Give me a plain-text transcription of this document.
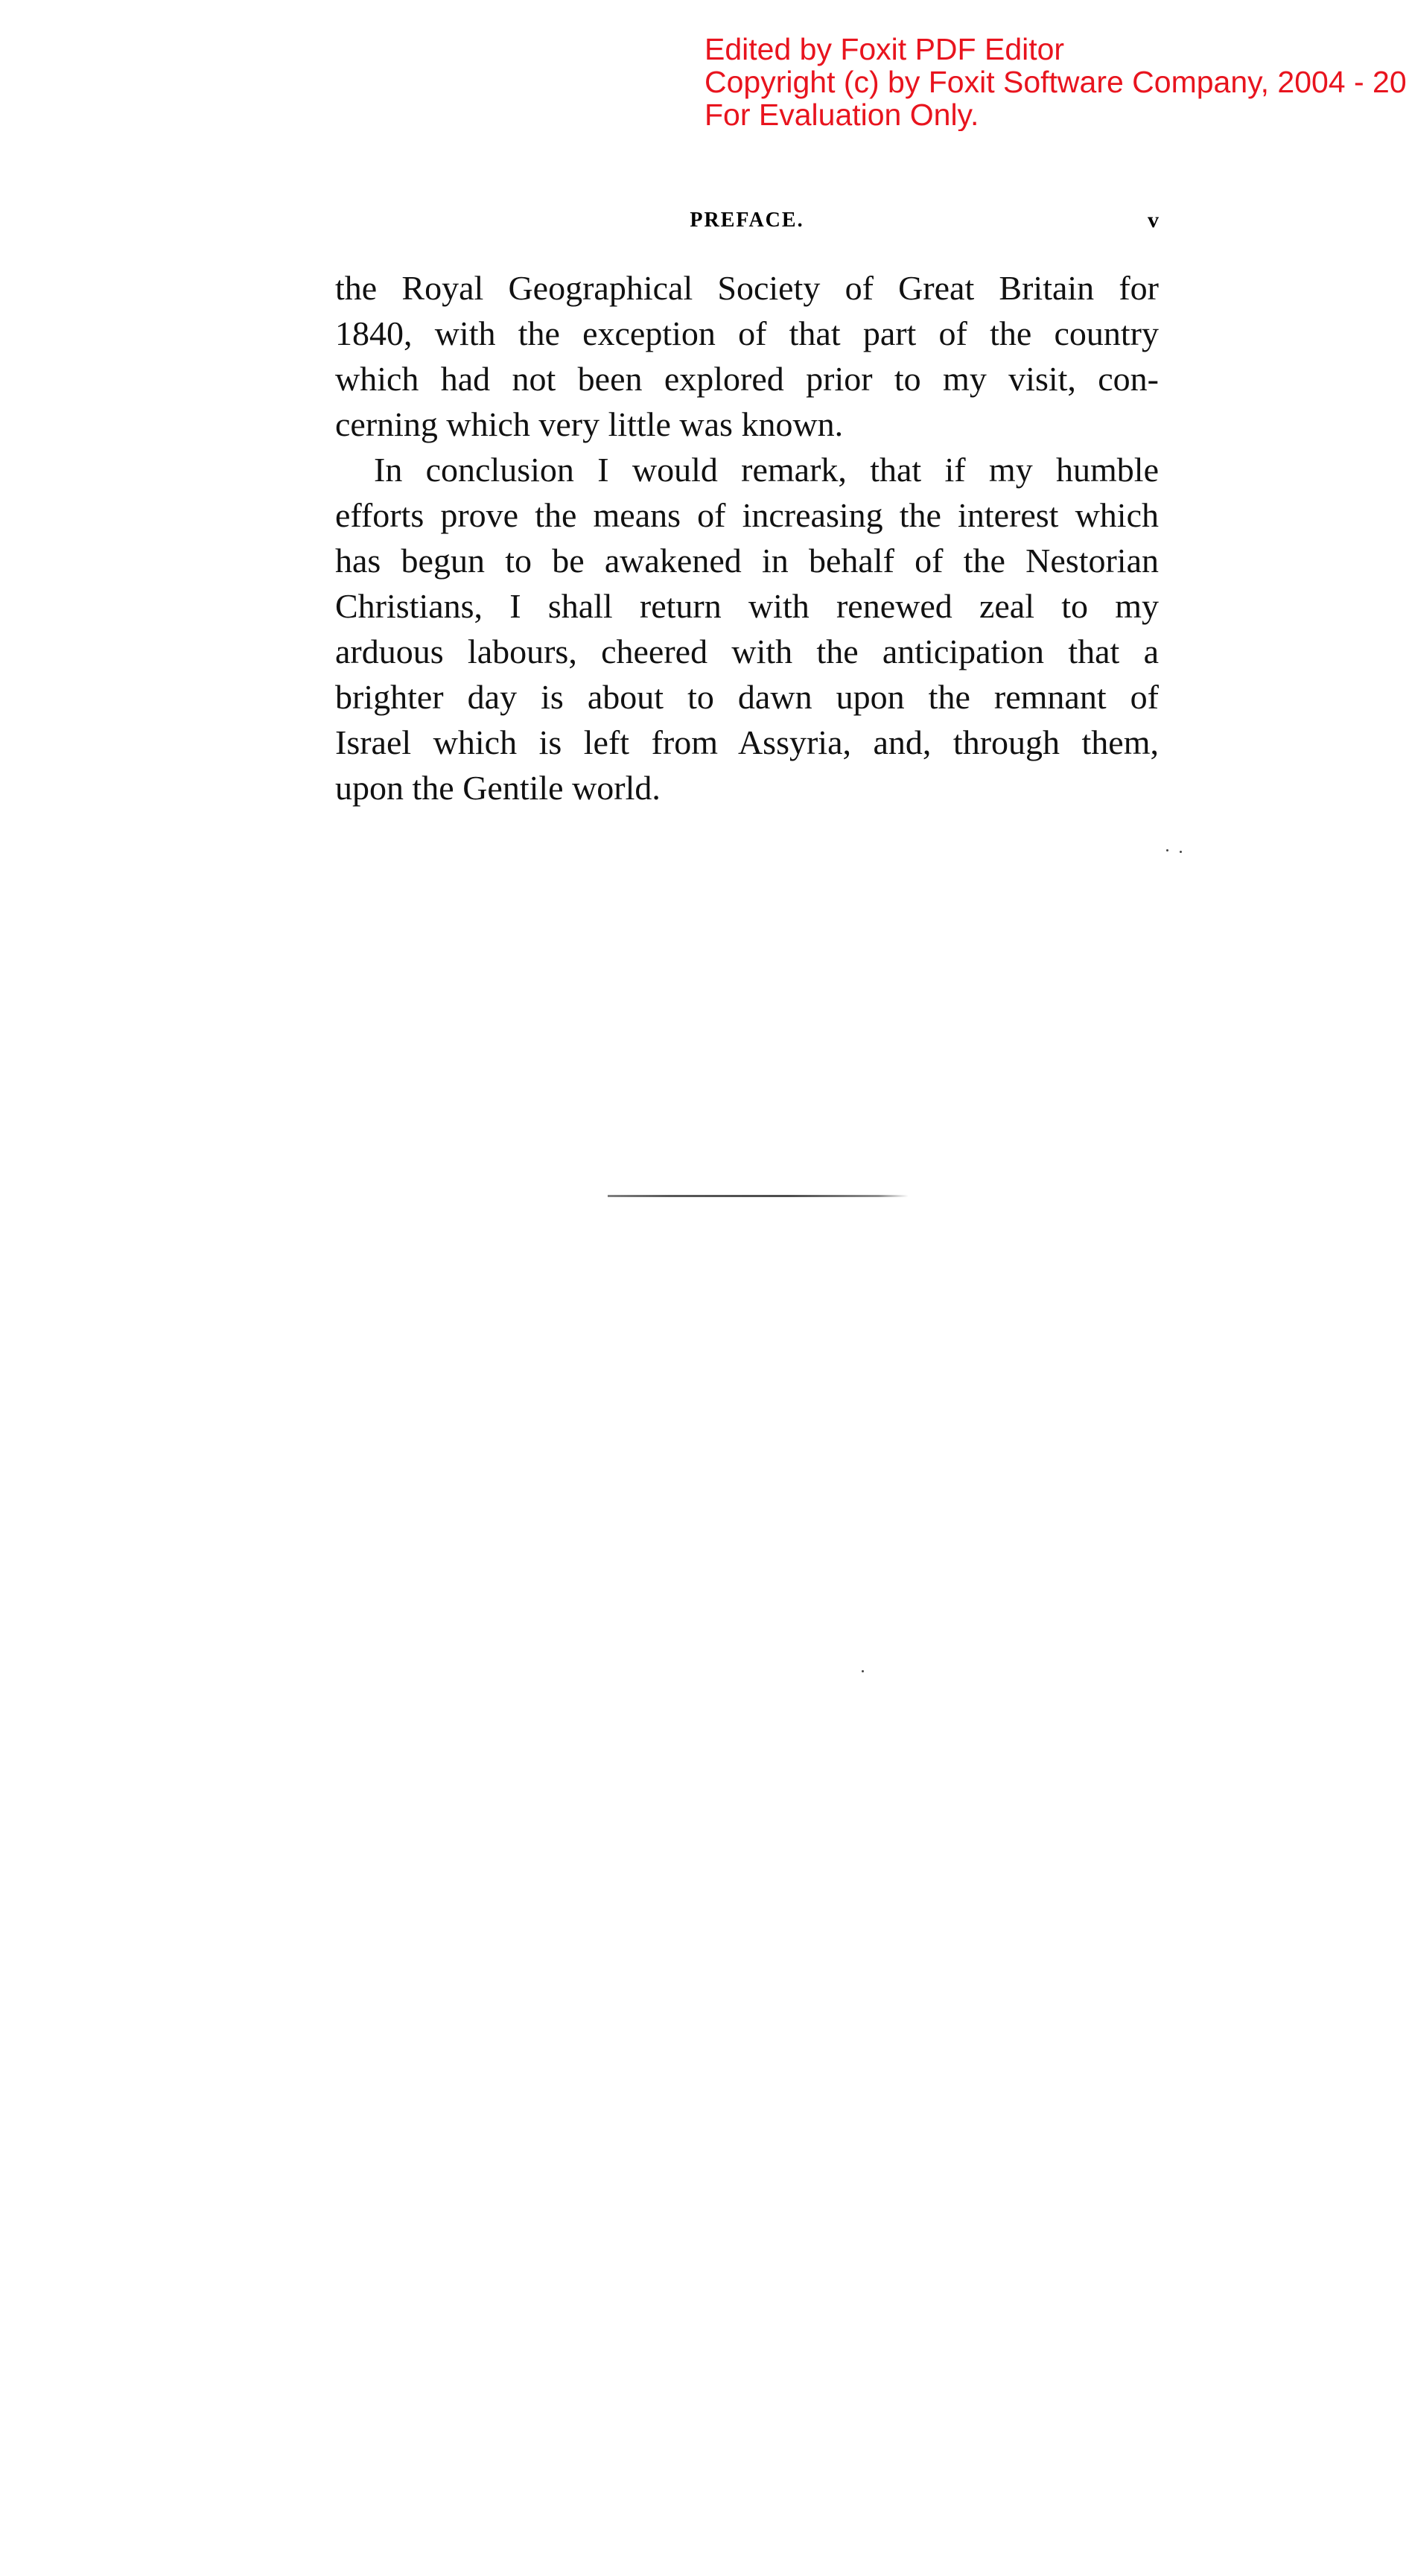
Edited by Foxit PDF Editor
Copyright (c) by Foxit Software Company, 2004 - 20
For Evaluation Only.
PREFACE.	v

the Royal Geographical Society of Great Britain for
1840, with the exception of that part of the country
which had not been explored prior to my visit, con-
cerning which very little was known.

In conclusion I would remark, that if my humble
efforts prove the means of increasing the interest which
has begun to be awakened in behalf of the Nestorian
Christians, I shall return with renewed zeal to my
arduous labours, cheered with the anticipation that a
brighter day is about to dawn upon the remnant of
Israel which is left from Assyria, and, through them,
upon the Gentile world.
